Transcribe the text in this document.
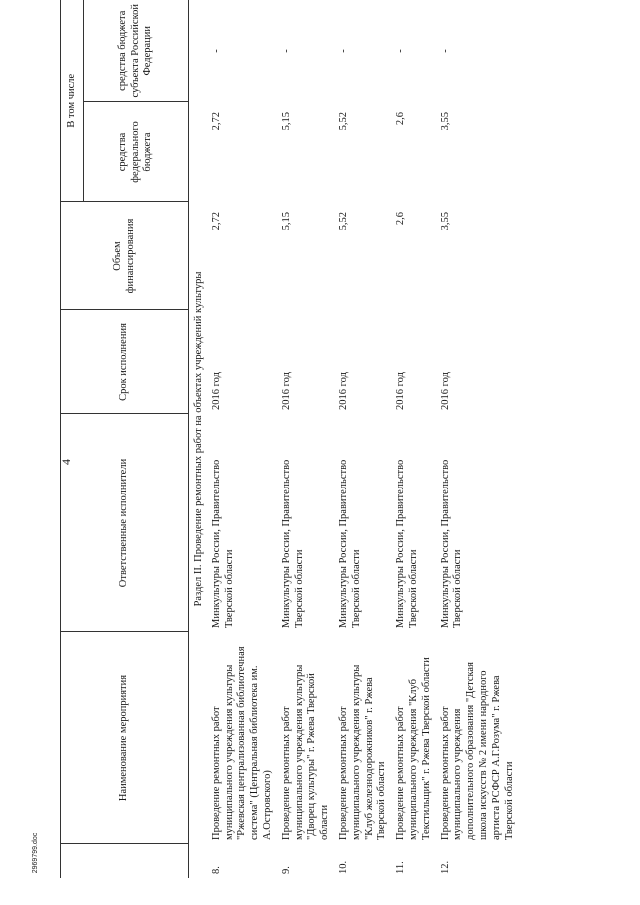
4
2969799.doc
	Наименование мероприятия	Ответственные исполнители	Срок исполнения	Объем финансирования	В том числе	
					средства федерального бюджета	средства бюджета субъекта Российской Федерации
Раздел II. Проведение ремонтных работ на объектах учреждений культуры						
8.	Проведение ремонтных работ муниципального учреждения культуры "Ржевская централизованная библиотечная система" (Центральная библиотека им. А.Островского)	Минкультуры России, Правительство Тверской области	2016 год	2,72	2,72	-
9.	Проведение ремонтных работ муниципального учреждения культуры "Дворец культуры" г. Ржева Тверской области	Минкультуры России, Правительство Тверской области	2016 год	5,15	5,15	-
10.	Проведение ремонтных работ муниципального учреждения культуры "Клуб железнодорожников" г. Ржева Тверской области	Минкультуры России, Правительство Тверской области	2016 год	5,52	5,52	-
11.	Проведение ремонтных работ муниципального учреждения "Клуб Текстильщик" г. Ржева Тверской области	Минкультуры России, Правительство Тверской области	2016 год	2,6	2,6	-
12.	Проведение ремонтных работ муниципального учреждения дополнительного образования "Детская школа искусств № 2 имени народного артиста РСФСР А.Г.Розума" г. Ржева Тверской области	Минкультуры России, Правительство Тверской области	2016 год	3,55	3,55	-
